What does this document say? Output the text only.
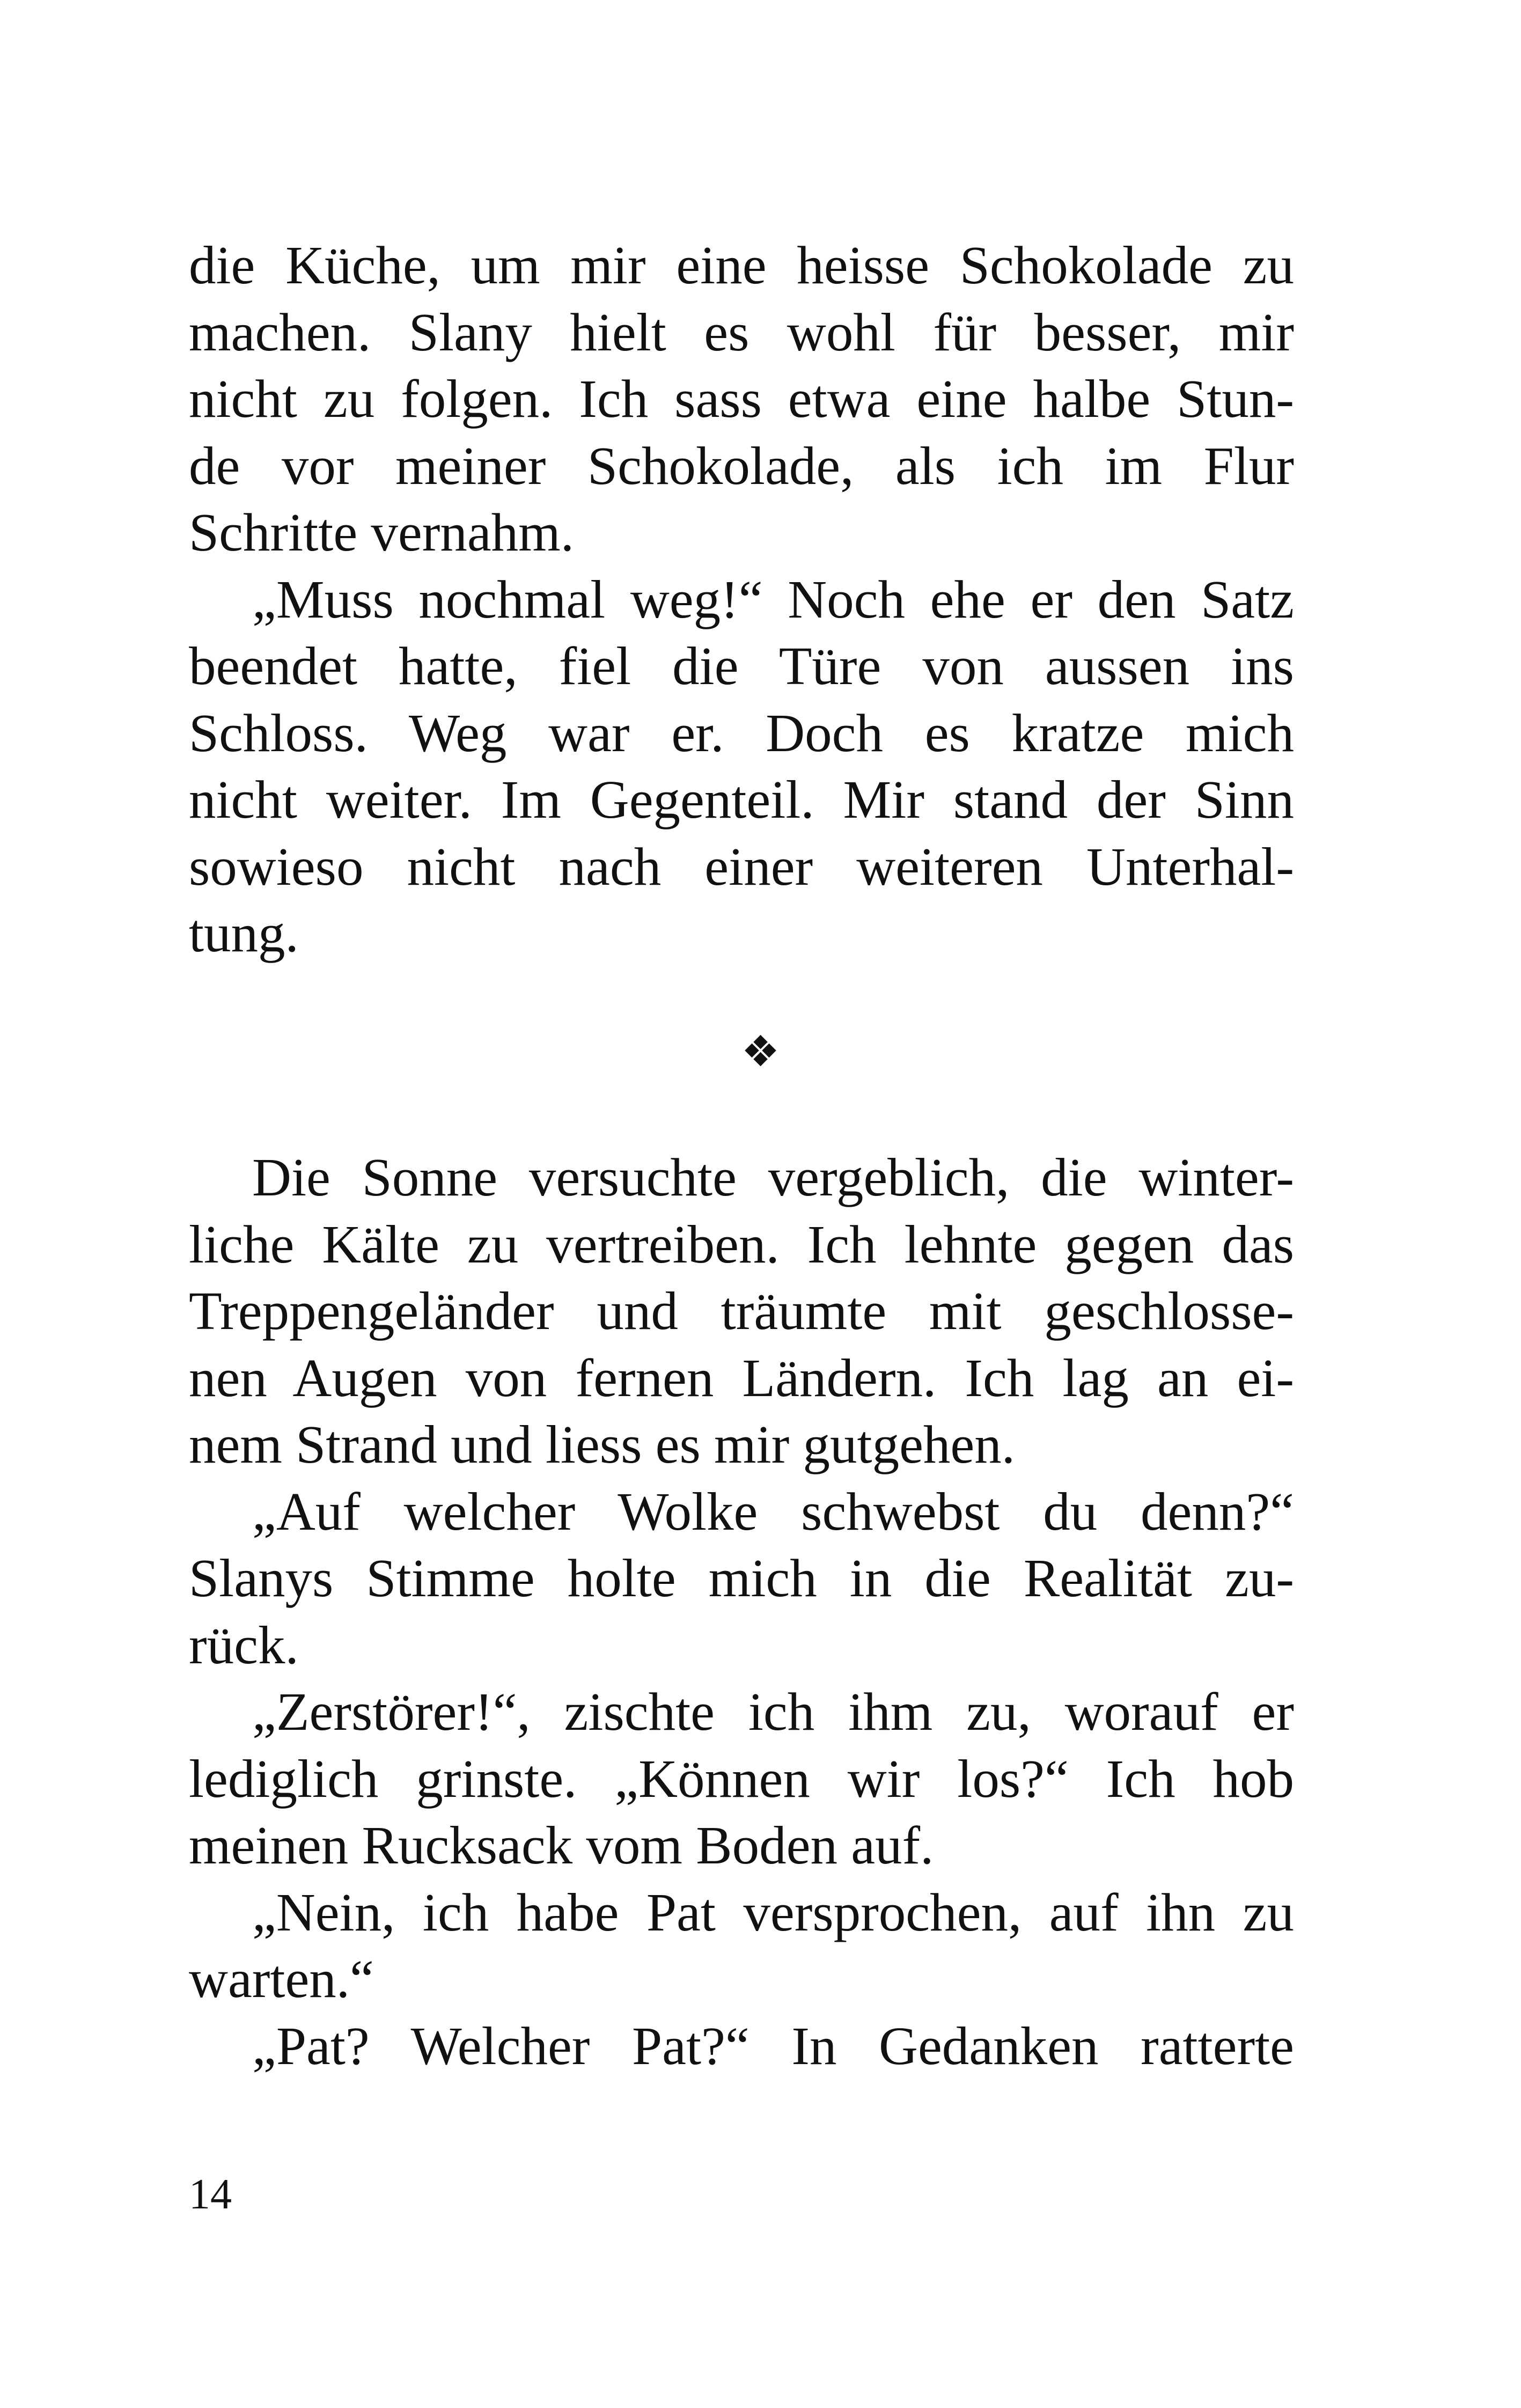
die Küche, um mir eine heisse Schokolade zu
machen. Slany hielt es wohl für besser, mir
nicht zu folgen. Ich sass etwa eine halbe Stun-
de vor meiner Schokolade, als ich im Flur
Schritte vernahm.
„Muss nochmal weg!“ Noch ehe er den Satz
beendet hatte, fiel die Türe von aussen ins
Schloss. Weg war er. Doch es kratze mich
nicht weiter. Im Gegenteil. Mir stand der Sinn
sowieso nicht nach einer weiteren Unterhal-
tung.
❖
Die Sonne versuchte vergeblich, die winter-
liche Kälte zu vertreiben. Ich lehnte gegen das
Treppengeländer und träumte mit geschlosse-
nen Augen von fernen Ländern. Ich lag an ei-
nem Strand und liess es mir gutgehen.
„Auf welcher Wolke schwebst du denn?“
Slanys Stimme holte mich in die Realität zu-
rück.
„Zerstörer!“, zischte ich ihm zu, worauf er
lediglich grinste. „Können wir los?“ Ich hob
meinen Rucksack vom Boden auf.
„Nein, ich habe Pat versprochen, auf ihn zu
warten.“
„Pat? Welcher Pat?“ In Gedanken ratterte
14
